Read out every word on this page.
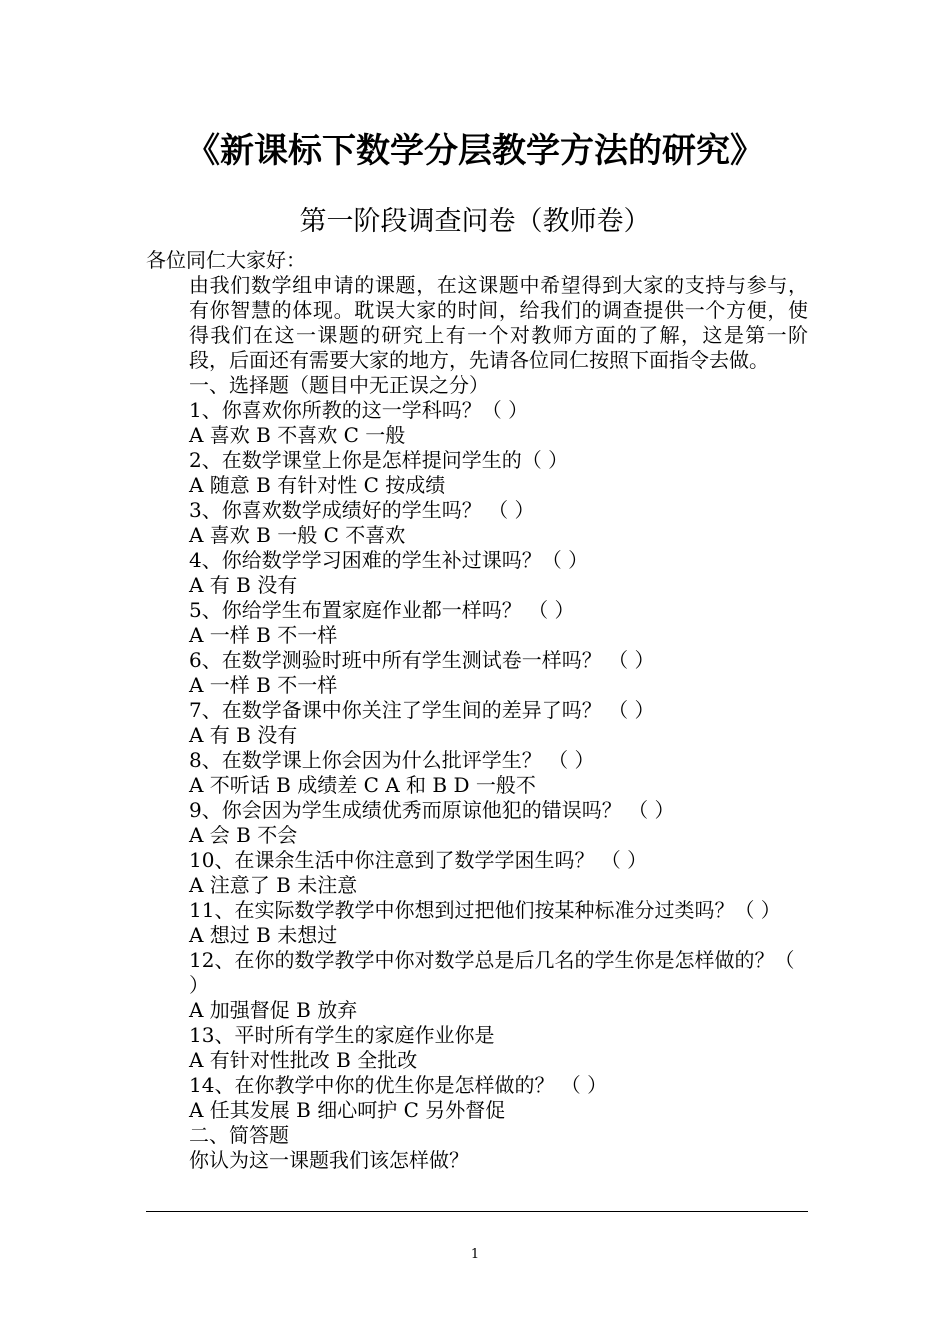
《新课标下数学分层教学方法的研究》
第一阶段调查问卷（教师卷）
各位同仁大家好：
由我们数学组申请的课题，在这课题中希望得到大家的支持与参与，有你智慧的体现。耽误大家的时间，给我们的调查提供一个方便，使得我们在这一课题的研究上有一个对教师方面的了解，这是第一阶段，后面还有需要大家的地方，先请各位同仁按照下面指令去做。
一、选择题（题目中无正误之分）
1、你喜欢你所教的这一学科吗？（ ）
A 喜欢 B 不喜欢 C 一般
2、在数学课堂上你是怎样提问学生的（ ）
A 随意 B 有针对性 C 按成绩
3、你喜欢数学成绩好的学生吗？ （ ）
A 喜欢 B 一般 C 不喜欢
4、你给数学学习困难的学生补过课吗？（ ）
A 有 B 没有
5、你给学生布置家庭作业都一样吗？ （ ）
A 一样 B 不一样
6、在数学测验时班中所有学生测试卷一样吗？ （ ）
A 一样 B 不一样
7、在数学备课中你关注了学生间的差异了吗？ （ ）
A 有 B 没有
8、在数学课上你会因为什么批评学生？ （ ）
A 不听话 B 成绩差 C A 和 B D 一般不
9、你会因为学生成绩优秀而原谅他犯的错误吗？ （ ）
A 会 B 不会
10、在课余生活中你注意到了数学学困生吗？ （ ）
A 注意了 B 未注意
11、在实际数学教学中你想到过把他们按某种标准分过类吗？（ ）
A 想过 B 未想过
12、在你的数学教学中你对数学总是后几名的学生你是怎样做的？（ ）
A 加强督促 B 放弃
13、平时所有学生的家庭作业你是
A 有针对性批改 B 全批改
14、在你教学中你的优生你是怎样做的？ （ ）
A 任其发展 B 细心呵护 C 另外督促
二、简答题
你认为这一课题我们该怎样做？
1
